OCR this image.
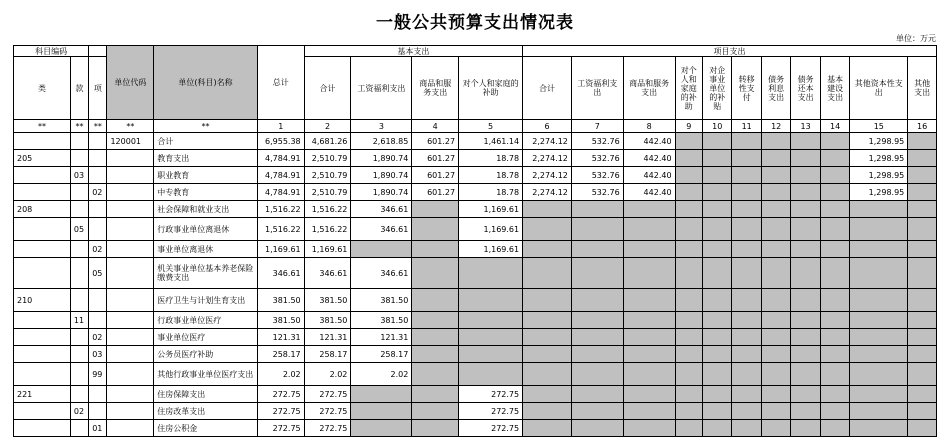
一般公共预算支出情况表
单位：万元
科目编码			单位代码	单位(科目)名称	总计	基本支出				项目支出										
类	款	项																		
						合计	工资福利支出	商品和服务支出	对个人和家庭的补助	合计	工资福利支出	商品和服务支出	对个人和家庭的补助	对企事业单位的补贴	转移性支付	债务利息支出	债务还本支出	基本建设支出	其他资本性支出	其他支出
**	**	**	**	**	1	2	3	4	5	6	7	8	9	10	11	12	13	14	15	16
			120001	合计	6,955.38	4,681.26	2,618.85	601.27	1,461.14	2,274.12	532.76	442.40							1,298.95	
205				教育支出	4,784.91	2,510.79	1,890.74	601.27	18.78	2,274.12	532.76	442.40							1,298.95	
	03			职业教育	4,784.91	2,510.79	1,890.74	601.27	18.78	2,274.12	532.76	442.40							1,298.95	
		02		中专教育	4,784.91	2,510.79	1,890.74	601.27	18.78	2,274.12	532.76	442.40							1,298.95	
208				社会保障和就业支出	1,516.22	1,516.22	346.61		1,169.61											
	05			行政事业单位离退休	1,516.22	1,516.22	346.61		1,169.61											
		02		事业单位离退休	1,169.61	1,169.61			1,169.61											
		05		机关事业单位基本养老保险缴费支出	346.61	346.61	346.61													
210				医疗卫生与计划生育支出	381.50	381.50	381.50													
	11			行政事业单位医疗	381.50	381.50	381.50													
		02		事业单位医疗	121.31	121.31	121.31													
		03		公务员医疗补助	258.17	258.17	258.17													
		99		其他行政事业单位医疗支出	2.02	2.02	2.02													
221				住房保障支出	272.75	272.75			272.75											
	02			住房改革支出	272.75	272.75			272.75											
		01		住房公积金	272.75	272.75			272.75											
